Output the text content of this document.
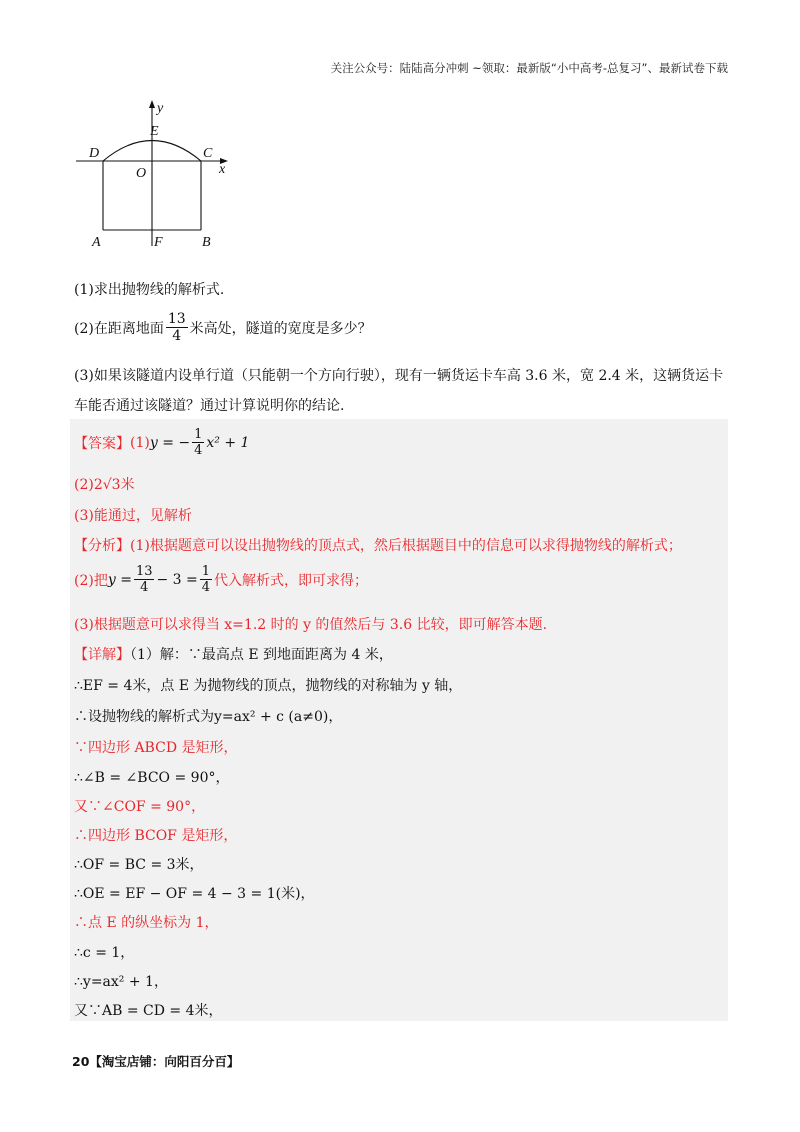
关注公众号：陆陆高分冲刺 ~领取：最新版“小中高考-总复习”、最新试卷下载
y
x
E
D	C
O
A	F	B
(1)求出抛物线的解析式.
(2)在距离地面 $\frac{13}{4}$ 米高处，隧道的宽度是多少？
(3)如果该隧道内设单行道（只能朝一个方向行驶），现有一辆货运卡车高 3.6 米，宽 2.4 米，这辆货运卡车能否通过该隧道？通过计算说明你的结论.
【答案】 (1) y = − $\frac{1}{4} x^2 + 1$
(2)2√3米
(3)能通过，见解析
【分析】(1)根据题意可以设出抛物线的顶点式，然后根据题目中的信息可以求得抛物线的解析式；
(2)把 $y = \frac{13}{4} - 3 = \frac{1}{4}$ 代入解析式，即可求得；
(3)根据题意可以求得当 x=1.2 时的 y 的值然后与 3.6 比较，即可解答本题.
【详解】（1）解：∵最高点 E 到地面距离为 4 米，
∴EF = 4米，点 E 为抛物线的顶点，抛物线的对称轴为 y 轴，
∴设抛物线的解析式为y=ax² + c (a≠0)，
∵四边形 ABCD 是矩形，
∴∠B = ∠BCO = 90°，
又∵∠COF = 90°，
∴四边形 BCOF 是矩形，
∴OF = BC = 3米，
∴OE = EF − OF = 4 − 3 = 1(米)，
∴点 E 的纵坐标为 1，
∴c = 1，
∴y=ax² + 1，
又∵AB = CD = 4米，
20【淘宝店铺：向阳百分百】
